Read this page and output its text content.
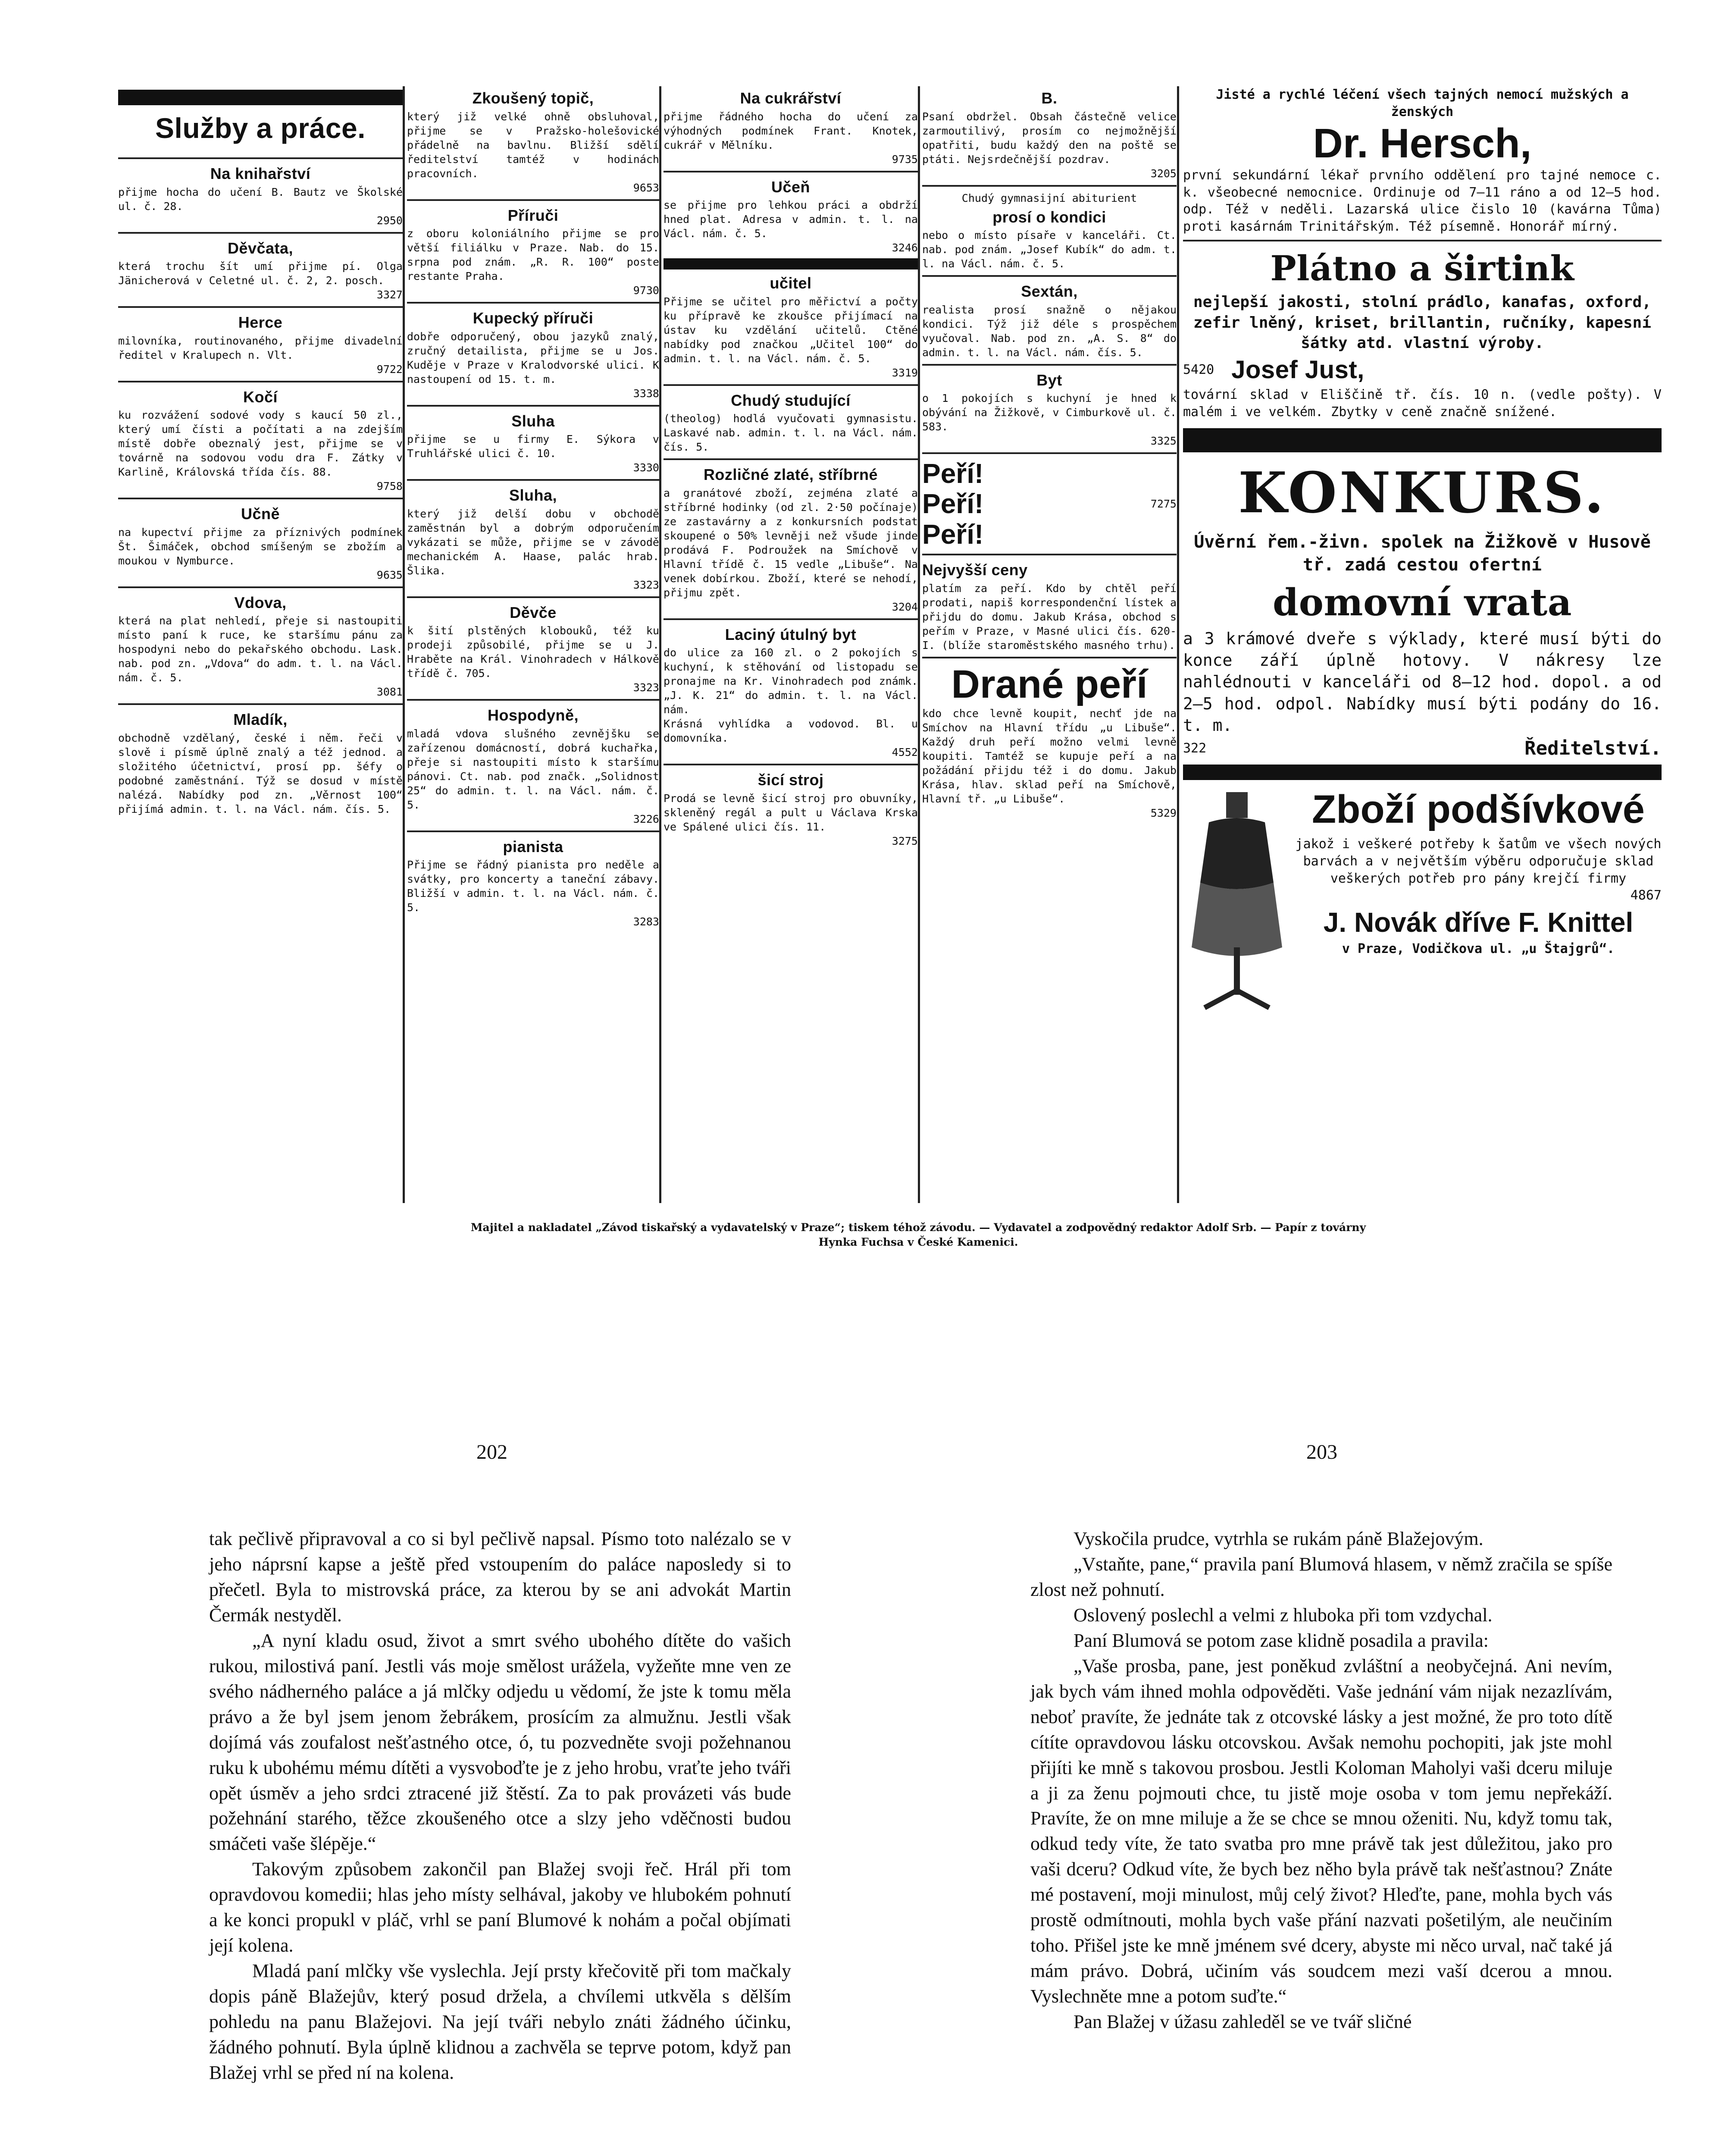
Služby a práce.
Na knihařství

přijme hocha do učení B. Bautz ve Školské ul. č. 28.

2950

Děvčata,

která trochu šít umí přijme pí. Olga Jänicherová v Celetné ul. č. 2, 2. posch.

3327

Herce

milovníka, routinovaného, přijme divadelní ředitel v Kralupech n. Vlt.

9722

Kočí

ku rozvážení sodové vody s kaucí 50 zl., který umí čísti a počítati a na zdejším místě dobře obeznalý jest, přijme se v továrně na sodovou vodu dra F. Zátky v Karlině, Královská třída čís. 88.

9758

Učně

na kupectví přijme za příznivých podmínek Št. Šimáček, obchod smíšeným se zbožím a moukou v Nymburce.

9635

Vdova,

která na plat nehledí, přeje si nastoupiti místo paní k ruce, ke staršímu pánu za hospodyni nebo do pekařského obchodu. Lask. nab. pod zn. „Vdova“ do adm. t. l. na Václ. nám. č. 5.

3081

Mladík,

obchodně vzdělaný, české i něm. řeči v slově i písmě úplně znalý a též jednod. a složitého účetnictví, prosí pp. šéfy o podobné zaměstnání. Týž se dosud v místě nalézá. Nabídky pod zn. „Věrnost 100“ přijímá admin. t. l. na Václ. nám. čís. 5.

Zkoušený topič,

který již velké ohně obsluhoval, přijme se v Pražsko-holešovické přádelně na bavlnu. Bližší sdělí ředitelství tamtéž v hodinách pracovních.

9653

Příruči

z oboru koloniálního přijme se pro větší filiálku v Praze. Nab. do 15. srpna pod znám. „R. R. 100“ poste restante Praha.

9730

Kupecký příruči

dobře odporučený, obou jazyků znalý, zručný detailista, přijme se u Jos. Kuděje v Praze v Kralodvorské ulici. K nastoupení od 15. t. m.

3338

Sluha

přijme se u firmy E. Sýkora v Truhlářské ulici č. 10.

3330

Sluha,

který již delší dobu v obchodě zaměstnán byl a dobrým odporučením vykázati se může, přijme se v závodě mechanickém A. Haase, palác hrab. Šlika.

3323

Děvče

k šití plstěných klobouků, též ku prodeji způsobilé, přijme se u J. Hraběte na Král. Vinohradech v Hálkově třídě č. 705.

3323

Hospodyně,

mladá vdova slušného zevnějšku se zařízenou domácností, dobrá kuchařka, přeje si nastoupiti místo k staršímu pánovi. Ct. nab. pod značk. „Solidnost 25“ do admin. t. l. na Václ. nám. č. 5.

3226

pianista

Přijme se řádný pianista pro neděle a svátky, pro koncerty a taneční zábavy. Bližší v admin. t. l. na Václ. nám. č. 5.

3283

Na cukrářství

přijme řádného hocha do učení za výhodných podmínek Frant. Knotek, cukrář v Mělníku.

9735

Učeň

se přijme pro lehkou práci a obdrží hned plat. Adresa v admin. t. l. na Václ. nám. č. 5.

3246

učitel

Přijme se učitel pro měřictví a počty ku přípravě ke zkoušce přijímací na ústav ku vzdělání učitelů. Ctěné nabídky pod značkou „Učitel 100“ do admin. t. l. na Václ. nám. č. 5.

3319

Chudý studující

(theolog) hodlá vyučovati gymnasistu. Laskavé nab. admin. t. l. na Václ. nám. čís. 5.

Rozličné zlaté, stříbrné

a granátové zboží, zejména zlaté a stříbrné hodinky (od zl. 2·50 počínaje) ze zastavárny a z konkursních podstat skoupené o 50% levněji než všude jinde prodává F. Podroužek na Smíchově v Hlavní třídě č. 15 vedle „Libuše“. Na venek dobírkou. Zboží, které se nehodí, přijmu zpět.

3204

Laciný útulný byt

do ulice za 160 zl. o 2 pokojích s kuchyní, k stěhování od listopadu se pronajme na Kr. Vinohradech pod známk. „J. K. 21“ do admin. t. l. na Václ. nám.

Krásná vyhlídka a vodovod. Bl. u domovníka.

4552

šicí stroj

Prodá se levně šicí stroj pro obuvníky, skleněný regál a pult u Václava Krska ve Spálené ulici čís. 11.

3275

B.

Psaní obdržel. Obsah částečně velice zarmoutilivý, prosím co nejmožnější opatřiti, budu každý den na poště se ptáti. Nejsrdečnější pozdrav.

3205

Chudý gymnasijní abiturient

prosí o kondici

nebo o místo písaře v kanceláři. Ct. nab. pod znám. „Josef Kubík“ do adm. t. l. na Václ. nám. č. 5.

Sextán,

realista prosí snažně o nějakou kondici. Týž již déle s prospěchem vyučoval. Nab. pod zn. „A. S. 8“ do admin. t. l. na Václ. nám. čís. 5.

Byt

o 1 pokojích s kuchyní je hned k obývání na Žižkově, v Cimburkově ul. č. 583.

3325

Peří!
Peří!
Peří!
7275
Nejvyšší ceny

platím za peří. Kdo by chtěl peří prodati, napiš korrespondenční lístek a přijdu do domu. Jakub Krása, obchod s peřím v Praze, v Masné ulici čís. 620-I. (blíže staroměstského masného trhu).

Drané peří

kdo chce levně koupit, nechť jde na Smíchov na Hlavní třídu „u Libuše“. Každý druh peří možno velmi levně koupiti. Tamtéž se kupuje peří a na požádání přijdu též i do domu. Jakub Krása, hlav. sklad peří na Smíchově, Hlavní tř. „u Libuše“.

5329

Jisté a rychlé léčení všech tajných nemocí mužských a ženských

Dr. Hersch,

první sekundární lékař prvního oddělení pro tajné nemoce c. k. všeobecné nemocnice. Ordinuje od 7—11 ráno a od 12—5 hod. odp. Též v neděli. Lazarská ulice čislo 10 (kavárna Tůma) proti kasárnám Trinitářským. Též písemně. Honorář mírný.

Plátno a širtink

nejlepší jakosti, stolní prádlo, kanafas, oxford, zefir lněný, kriset, brillantin, ručníky, kapesní šátky atd. vlastní výroby.

5420 Josef Just,

tovární sklad v Eliščině tř. čís. 10 n. (vedle pošty). V malém i ve velkém. Zbytky v ceně značně snížené.

KONKURS.

Úvěrní řem.-živn. spolek na Žižkově v Husově tř. zadá cestou ofertní

domovní vrata

a 3 krámové dveře s výklady, které musí býti do konce září úplně hotovy. V nákresy lze nahlédnouti v kanceláři od 8—12 hod. dopol. a od 2—5 hod. odpol. Nabídky musí býti podány do 16. t. m.

322	Ředitelství.
Zboží podšívkové

jakož i veškeré potřeby k šatům ve všech nových barvách a v největším výběru odporučuje sklad veškerých potřeb pro pány krejčí firmy

4867

J. Novák dříve F. Knittel

v Praze, Vodičkova ul. „u Štajgrů“.

Majitel a nakladatel „Závod tiskařský a vydavatelský v Praze“; tiskem téhož závodu. — Vydavatel a zodpovědný redaktor Adolf Srb. — Papír z továrny
Hynka Fuchsa v České Kamenici.
202	203

tak pečlivě připravoval a co si byl pečlivě napsal. Písmo toto nalézalo se v jeho náprsní kapse a ještě před vstoupením do paláce naposledy si to přečetl. Byla to mistrovská práce, za kterou by se ani advokát Martin Čermák nestyděl.

„A nyní kladu osud, život a smrt svého ubohého dítěte do vašich rukou, milostivá paní. Jestli vás moje smělost urážela, vyžeňte mne ven ze svého nádherného paláce a já mlčky odjedu u vědomí, že jste k tomu měla právo a že byl jsem jenom žebrákem, prosícím za almužnu. Jestli však dojímá vás zoufalost nešťastného otce, ó, tu pozvedněte svoji požehnanou ruku k ubohému mému dítěti a vysvoboďte je z jeho hrobu, vraťte jeho tváři opět úsměv a jeho srdci ztracené již štěstí. Za to pak provázeti vás bude požehnání starého, těžce zkoušeného otce a slzy jeho vděčnosti budou smáčeti vaše šlépěje.“

Takovým způsobem zakončil pan Blažej svoji řeč. Hrál při tom opravdovou komedii; hlas jeho místy selhával, jakoby ve hlubokém pohnutí a ke konci propukl v pláč, vrhl se paní Blumové k nohám a počal objímati její kolena.

Mladá paní mlčky vše vyslechla. Její prsty křečovitě při tom mačkaly dopis páně Blažejův, který posud držela, a chvílemi utkvěla s dělším pohledu na panu Blažejovi. Na její tváři nebylo znáti žádného účinku, žádného pohnutí. Byla úplně klidnou a zachvěla se teprve potom, když pan Blažej vrhl se před ní na kolena.

Vyskočila prudce, vytrhla se rukám páně Blažejovým.

„Vstaňte, pane,“ pravila paní Blumová hlasem, v němž zračila se spíše zlost než pohnutí.

Oslovený poslechl a velmi z hluboka při tom vzdychal.

Paní Blumová se potom zase klidně posadila a pravila:

„Vaše prosba, pane, jest poněkud zvláštní a neobyčejná. Ani nevím, jak bych vám ihned mohla odpověděti. Vaše jednání vám nijak nezazlívám, neboť pravíte, že jednáte tak z otcovské lásky a jest možné, že pro toto dítě cítíte opravdovou lásku otcovskou. Avšak nemohu pochopiti, jak jste mohl přijíti ke mně s takovou prosbou. Jestli Koloman Maholyi vaši dceru miluje a ji za ženu pojmouti chce, tu jistě moje osoba v tom jemu nepřekáží. Pravíte, že on mne miluje a že se chce se mnou oženiti. Nu, když tomu tak, odkud tedy víte, že tato svatba pro mne právě tak jest důležitou, jako pro vaši dceru? Odkud víte, že bych bez něho byla právě tak nešťastnou? Znáte mé postavení, moji minulost, můj celý život? Hleďte, pane, mohla bych vás prostě odmítnouti, mohla bych vaše přání nazvati pošetilým, ale neučiním toho. Přišel jste ke mně jménem své dcery, abyste mi něco urval, nač také já mám právo. Dobrá, učiním vás soudcem mezi vaší dcerou a mnou. Vyslechněte mne a potom suďte.“

Pan Blažej v úžasu zahleděl se ve tvář sličné
